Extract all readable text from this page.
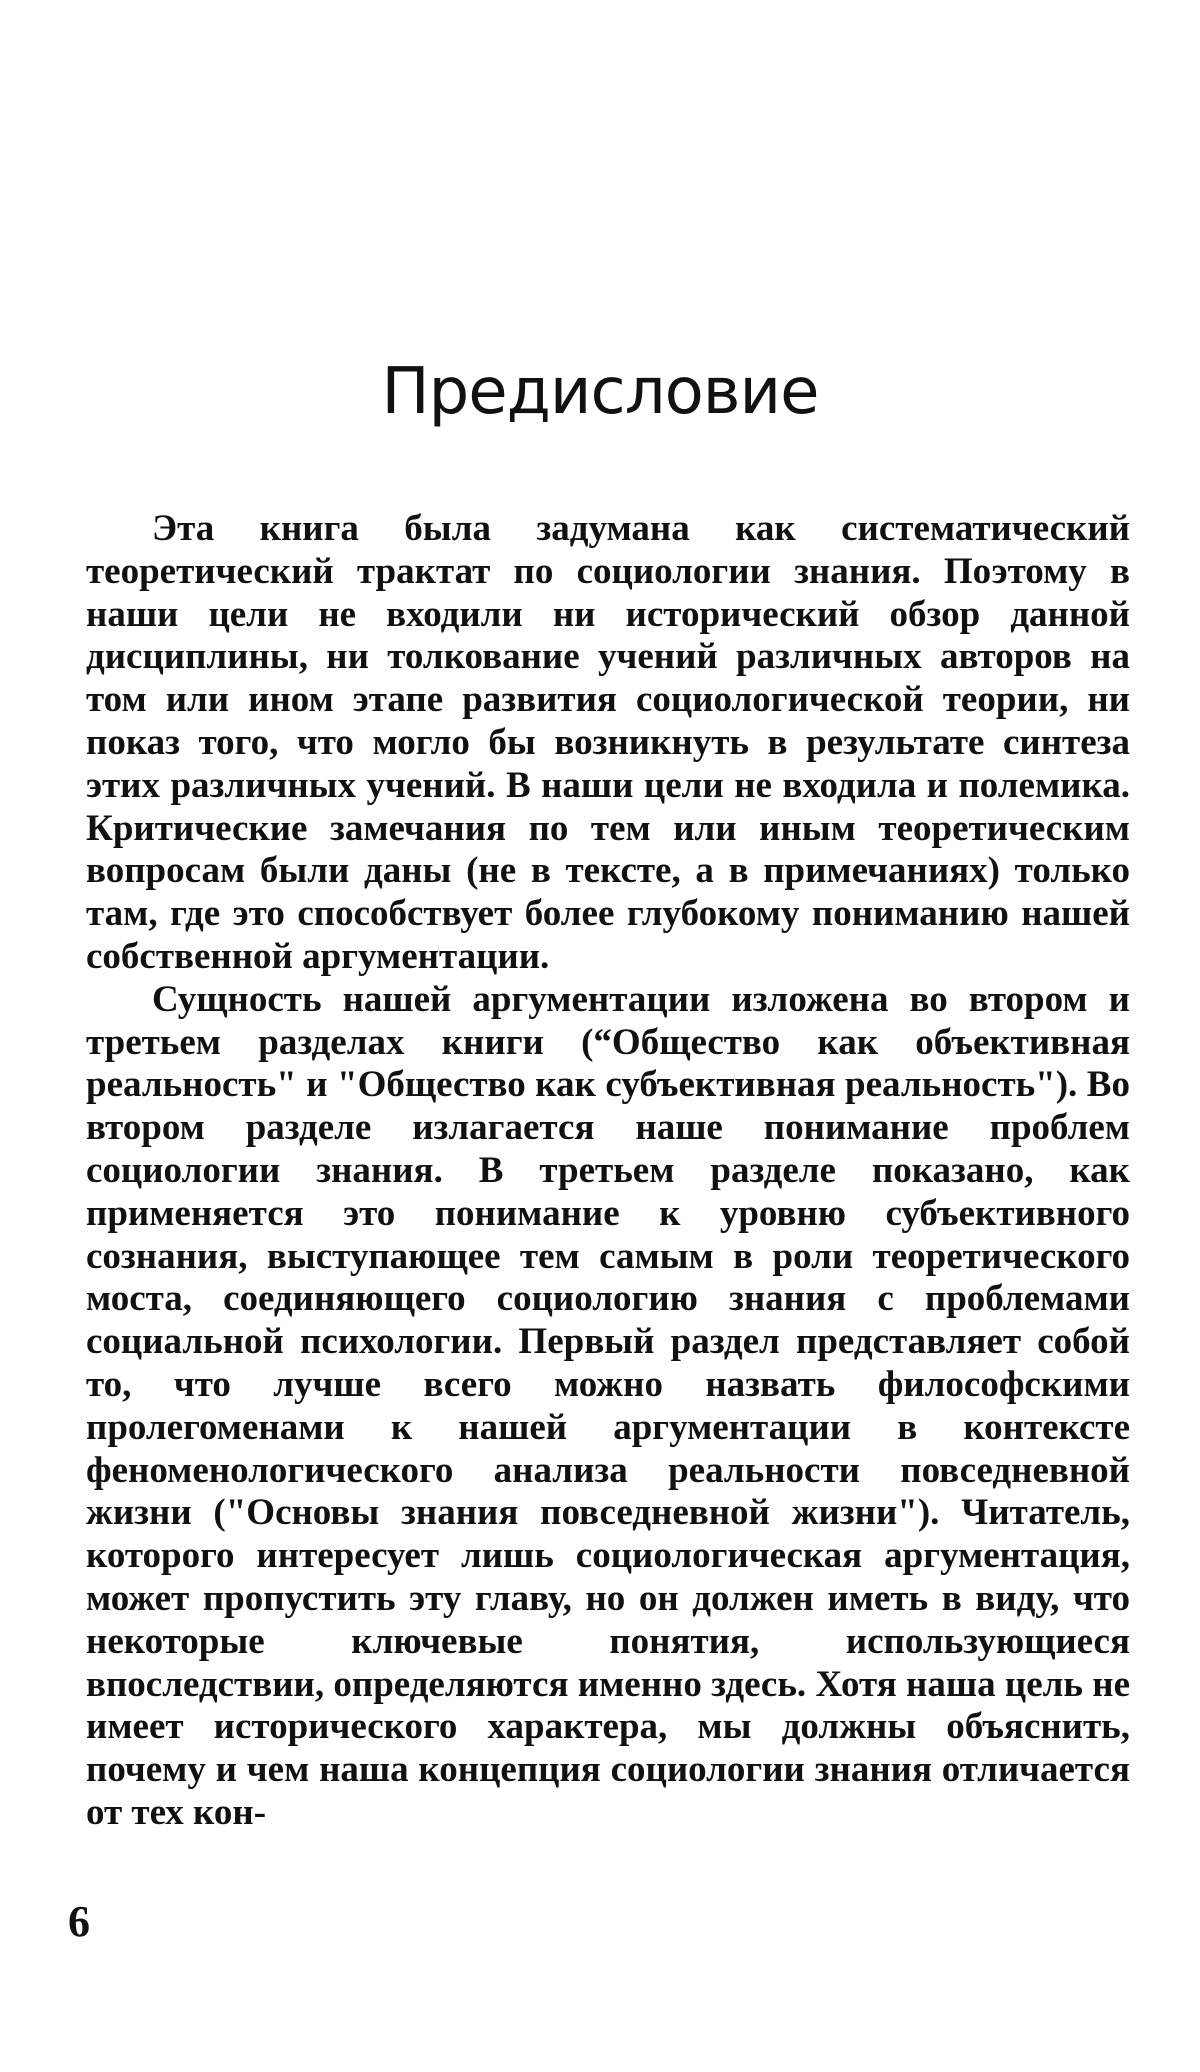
Предисловие

Эта книга была задумана как систематический теоретический трактат по социологии знания. Поэтому в наши цели не входили ни исторический обзор данной дисциплины, ни толкование учений различных авторов на том или ином этапе развития социологической теории, ни показ того, что могло бы возникнуть в результате синтеза этих различных учений. В наши цели не входила и полемика. Критические замечания по тем или иным теоретическим вопросам были даны (не в тексте, а в примечаниях) только там, где это способствует более глубокому пониманию нашей собственной аргументации.

Сущность нашей аргументации изложена во втором и третьем разделах книги (“Общество как объективная реальность" и "Общество как субъективная реальность"). Во втором разделе излагается наше понимание проблем социологии знания. В третьем разделе показано, как применяется это понимание к уровню субъективного сознания, выступающее тем самым в роли теоретического моста, соединяющего социологию знания с проблемами социальной психологии. Первый раздел представляет собой то, что лучше всего можно назвать философскими пролегоменами к нашей аргументации в контексте феноменологического анализа реальности повседневной жизни ("Основы знания повседневной жизни"). Читатель, которого интересует лишь социологическая аргументация, может пропустить эту главу, но он должен иметь в виду, что некоторые ключевые понятия, использующиеся впоследствии, определяются именно здесь. Хотя наша цель не имеет исторического характера, мы должны объяснить, почему и чем наша концепция социологии знания отличается от тех кон-

6
